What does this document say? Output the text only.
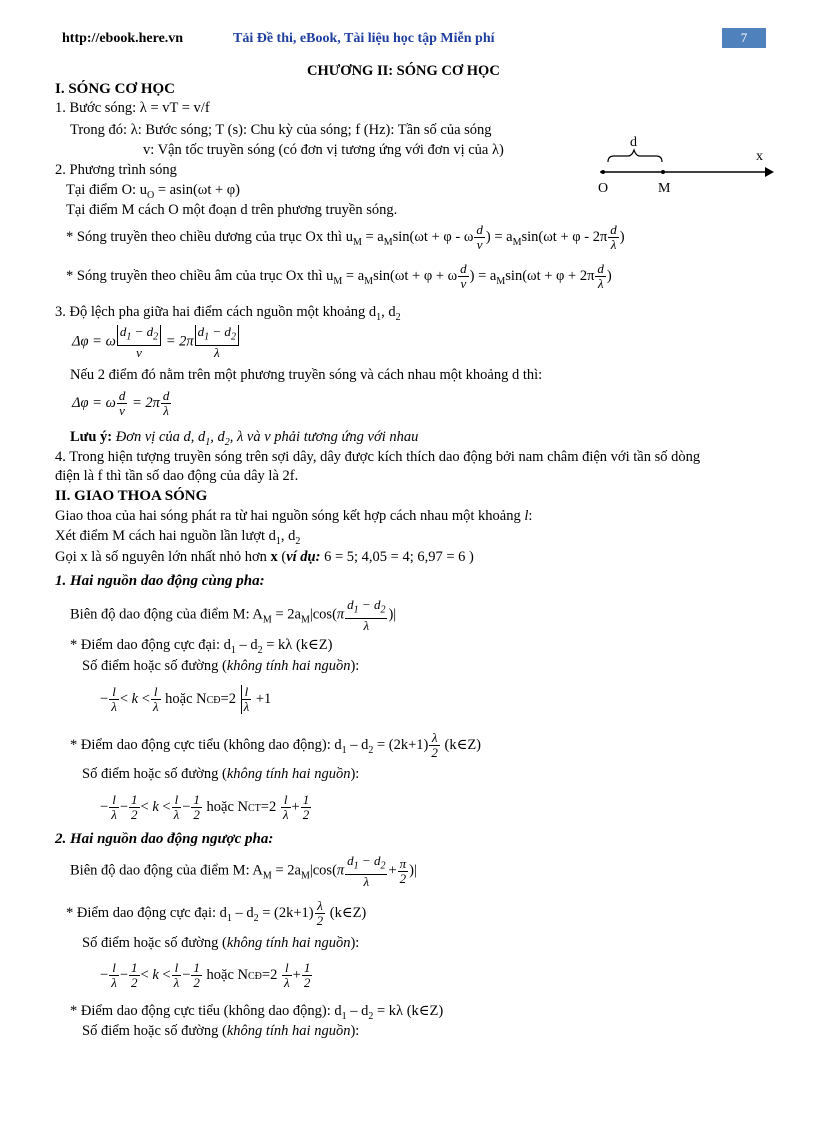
http://ebook.here.vn	Tải Đề thi, eBook, Tài liệu học tập Miễn phí	7
CHƯƠNG II: SÓNG CƠ HỌC
I. SÓNG CƠ HỌC
1. Bước sóng: λ = vT = v/f
Trong đó: λ: Bước sóng; T (s): Chu kỳ của sóng; f (Hz): Tần số của sóng
v: Vận tốc truyền sóng (có đơn vị tương ứng với đơn vị của λ)
2. Phương trình sóng
Tại điểm O: $u_O = asin(\omega t + \varphi)$
Tại điểm M cách O một đoạn d trên phương truyền sóng.
d
x
O	M
* Sóng truyền theo chiều dương của trục Ox thì $u_M = a_M\sin(\omega t + \varphi - \omega \frac{d}{v}$ ) = $a_M\sin(\omega t + \varphi - 2\pi \frac{d}{\lambda}$ )
* Sóng truyền theo chiều âm của trục Ox thì $u_M = a_M\sin(\omega t + \varphi + \omega \frac{d}{v}$ ) = $a_M\sin(\omega t + \varphi + 2\pi \frac{d}{\lambda}$ )
3. Độ lệch pha giữa hai điểm cách nguồn một khoảng $d_1$, $d_2$
Δφ = ω $\frac{d_1 - d_2}{v} = 2\pi \frac{d_1 - d_2}{\lambda}$
Nếu 2 điểm đó nằm trên một phương truyền sóng và cách nhau một khoảng d thì:
Δφ = ω $\frac{d}{v} = 2\pi \frac{d}{\lambda}$
Lưu ý: Đơn vị của d, $d_1$, $d_2$, λ và v phải tương ứng với nhau
4. Trong hiện tượng truyền sóng trên sợi dây, dây được kích thích dao động bởi nam châm điện với tần số dòng
điện là f thì tần số dao động của dây là 2f.
II. GIAO THOA SÓNG
Giao thoa của hai sóng phát ra từ hai nguồn sóng kết hợp cách nhau một khoảng l:
Xét điểm M cách hai nguồn lần lượt $d_1$, $d_2$
Gọi x là số nguyên lớn nhất nhỏ hơn x (ví dụ: 6 = 5; 4,05 = 4; 6,97 = 6 )
1. Hai nguồn dao động cùng pha:
Biên độ dao động của điểm M: $A_M = 2a_M|\cos(\pi \frac{d_1 - d_2}{\lambda}$ )|
* Điểm dao động cực đại: $d_1 - d_2 = k\lambda$ (k∈Z)
Số điểm hoặc số đường (không tính hai nguồn):
− $\frac{l}{\lambda} < k < \frac{l}{\lambda}$ hoặc NCĐ=2 $\frac{l}{\lambda} +1$
* Điểm dao động cực tiểu (không dao động): $d_1 - d_2 = (2k+1) \frac{\lambda}{2}$ (k∈Z)
Số điểm hoặc số đường (không tính hai nguồn):
− $\frac{l}{\lambda} - \frac{1}{2} < k < \frac{l}{\lambda} - \frac{1}{2}$ hoặc $NCT=2 \frac{l}{\lambda} + \frac{1}{2}$
2. Hai nguồn dao động ngược pha:
Biên độ dao động của điểm M: $A_M = 2a_M|\cos(\pi \frac{d_1 - d_2}{\lambda} + \frac{\pi}{2}$ )|
* Điểm dao động cực đại: $d_1 - d_2 = (2k+1) \frac{\lambda}{2}$ (k∈Z)
Số điểm hoặc số đường (không tính hai nguồn):
− $\frac{l}{\lambda} - \frac{1}{2} < k < \frac{l}{\lambda} - \frac{1}{2}$ hoặc NCĐ=2 $\frac{l}{\lambda} + \frac{1}{2}$
* Điểm dao động cực tiểu (không dao động): $d_1 - d_2 = k\lambda$ (k∈Z)
Số điểm hoặc số đường (không tính hai nguồn):
